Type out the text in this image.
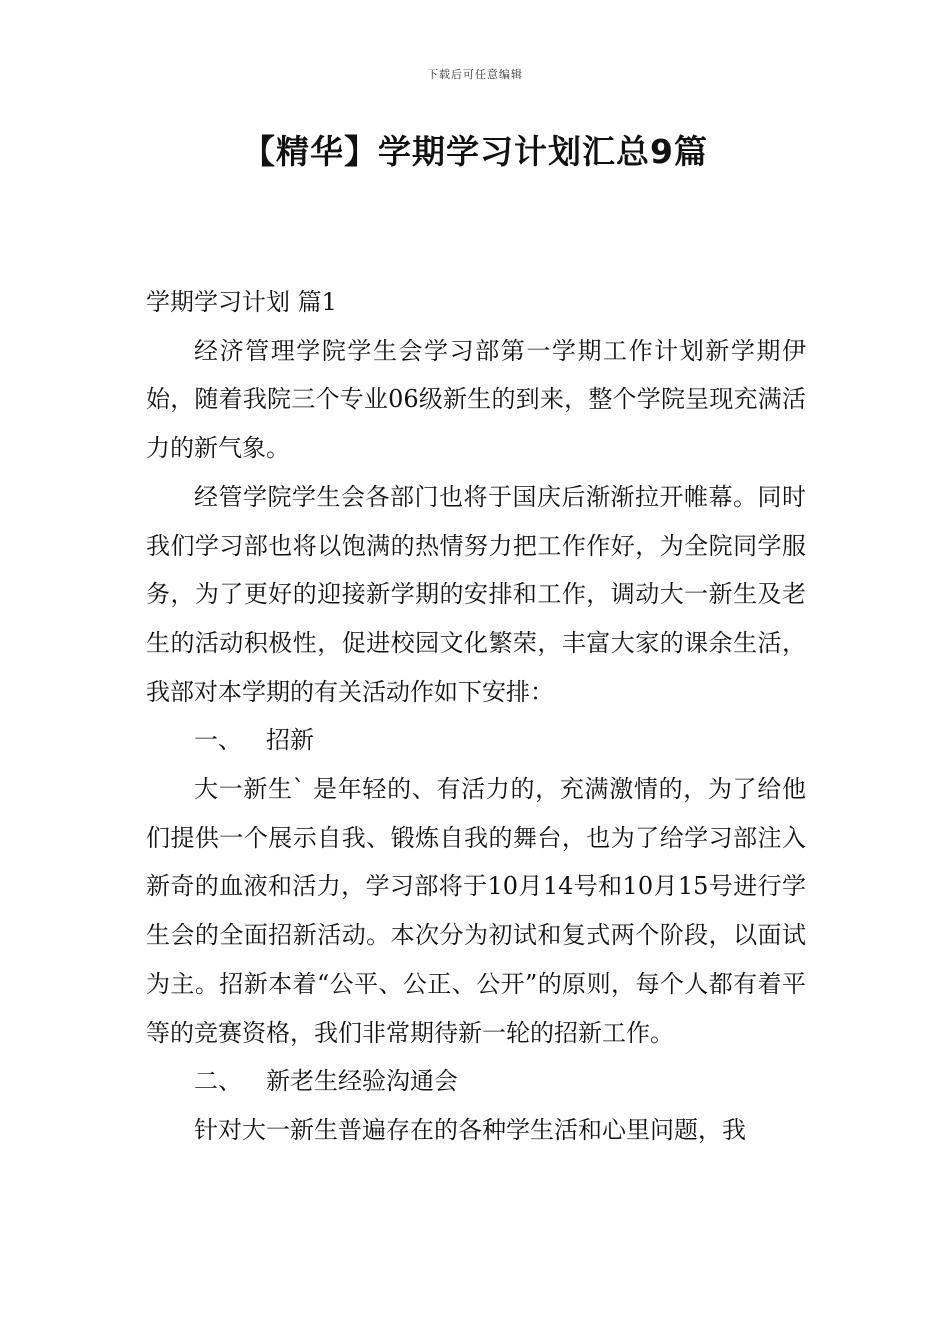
下载后可任意编辑
【精华】学期学习计划汇总9篇

学期学习计划 篇1

经济管理学院学生会学习部第一学期工作计划新学期伊始，随着我院三个专业06级新生的到来，整个学院呈现充满活力的新气象。

经管学院学生会各部门也将于国庆后渐渐拉开帷幕。同时我们学习部也将以饱满的热情努力把工作作好，为全院同学服务，为了更好的迎接新学期的安排和工作，调动大一新生及老生的活动积极性，促进校园文化繁荣，丰富大家的课余生活，我部对本学期的有关活动作如下安排：

一、 招新

大一新生` 是年轻的、有活力的，充满激情的，为了给他们提供一个展示自我、锻炼自我的舞台，也为了给学习部注入新奇的血液和活力，学习部将于10月14号和10月15号进行学生会的全面招新活动。本次分为初试和复式两个阶段，以面试为主。招新本着“公平、公正、公开”的原则，每个人都有着平等的竞赛资格，我们非常期待新一轮的招新工作。

二、 新老生经验沟通会

针对大一新生普遍存在的各种学生活和心里问题，我
